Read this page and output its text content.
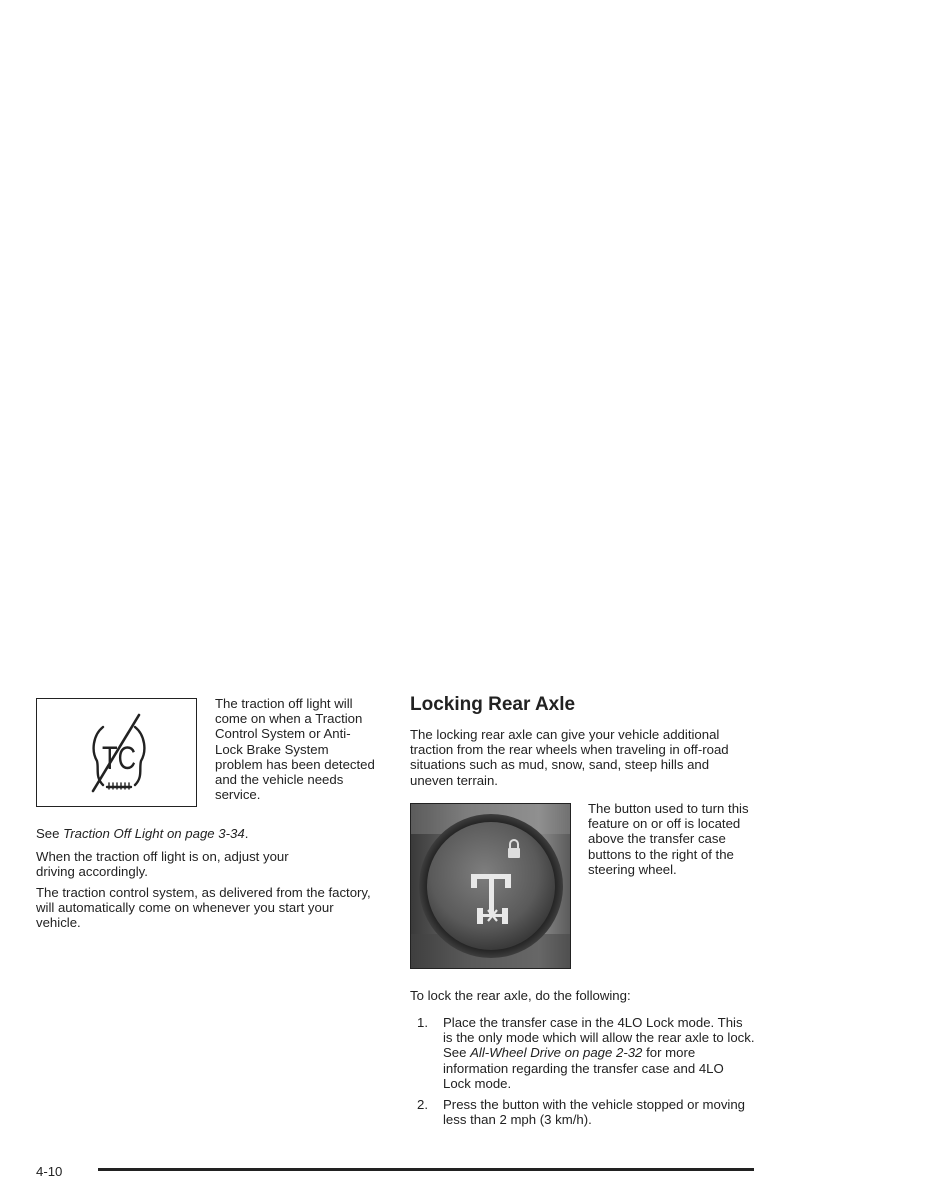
TC

The traction off light will come on when a Traction Control System or Anti-Lock Brake System problem has been detected and the vehicle needs service.

See Traction Off Light on page 3-34.

When the traction off light is on, adjust your driving accordingly.

The traction control system, as delivered from the factory, will automatically come on whenever you start your vehicle.

Locking Rear Axle

The locking rear axle can give your vehicle additional traction from the rear wheels when traveling in off-road situations such as mud, snow, sand, steep hills and uneven terrain.

The button used to turn this feature on or off is located above the transfer case buttons to the right of the steering wheel.

To lock the rear axle, do the following:

1. Place the transfer case in the 4LO Lock mode. This is the only mode which will allow the rear axle to lock. See All-Wheel Drive on page 2-32 for more information regarding the transfer case and 4LO Lock mode.
2. Press the button with the vehicle stopped or moving less than 2 mph (3 km/h).
4-10
